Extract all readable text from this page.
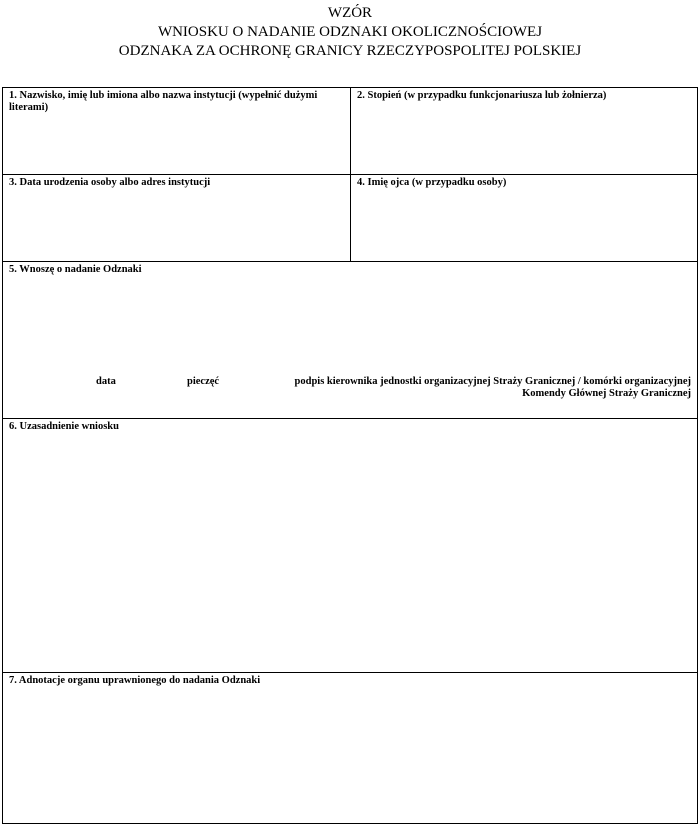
WZÓR
WNIOSKU O NADANIE ODZNAKI OKOLICZNOŚCIOWEJ
ODZNAKA ZA OCHRONĘ GRANICY RZECZYPOSPOLITEJ POLSKIEJ
1. Nazwisko, imię lub imiona albo nazwa instytucji (wypełnić dużymi literami)
2. Stopień (w przypadku funkcjonariusza lub żołnierza)
3. Data urodzenia osoby albo adres instytucji	4. Imię ojca (w przypadku osoby)
5. Wnoszę o nadanie Odznaki
data	pieczęć	podpis kierownika jednostki organizacyjnej Straży Granicznej / komórki organizacyjnej
Komendy Głównej Straży Granicznej
6. Uzasadnienie wniosku
7. Adnotacje organu uprawnionego do nadania Odznaki
